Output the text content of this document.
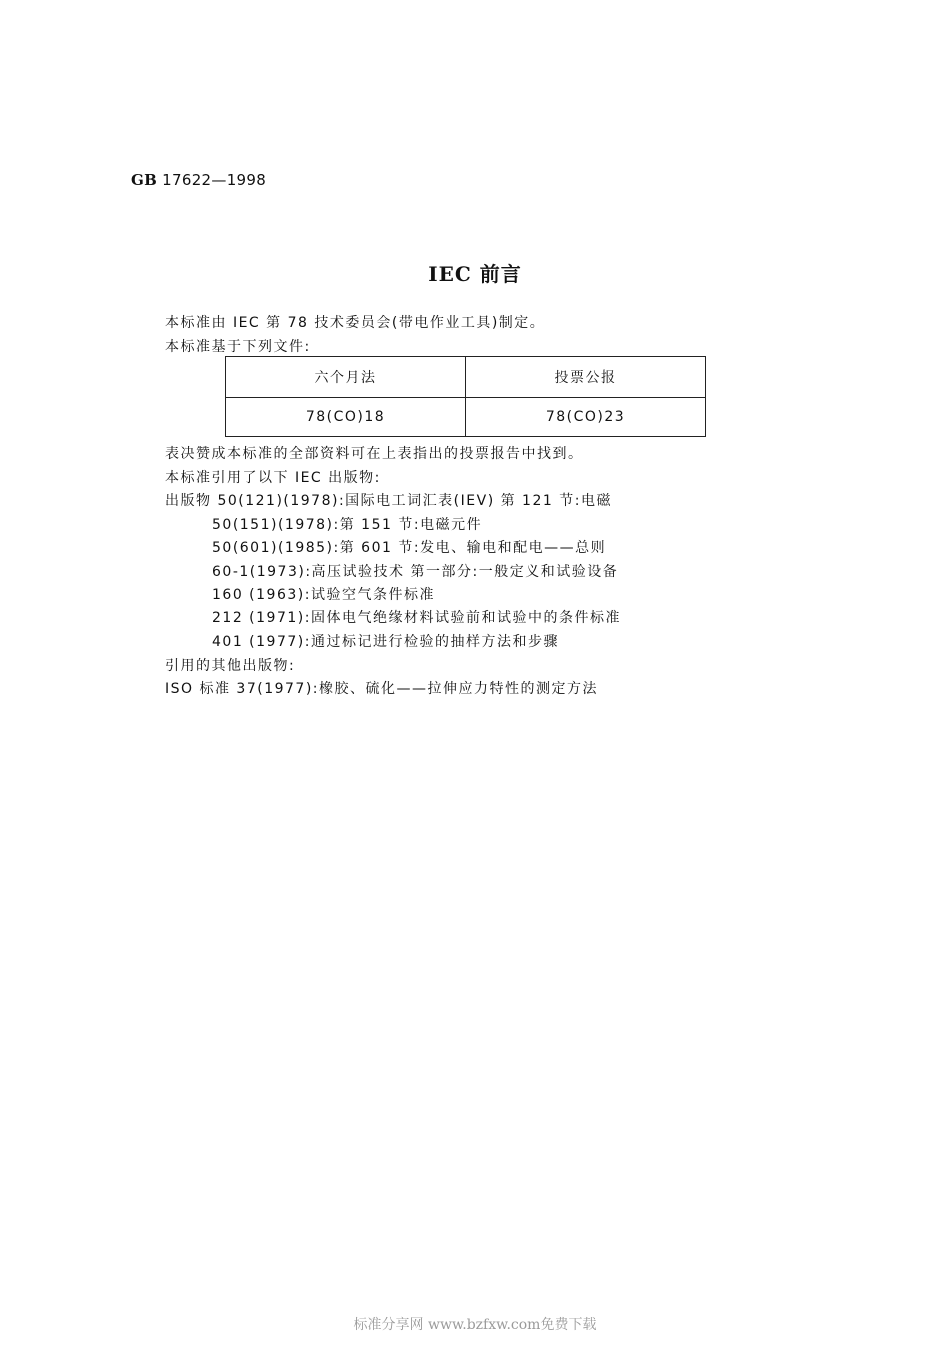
GB 17622—1998
IEC 前言
本标准由 IEC 第 78 技术委员会(带电作业工具)制定。
本标准基于下列文件:
六个月法	投票公报
78(CO)18	78(CO)23
表决赞成本标准的全部资料可在上表指出的投票报告中找到。
本标准引用了以下 IEC 出版物:
出版物 50(121)(1978):国际电工词汇表(IEV) 第 121 节:电磁
50(151)(1978):第 151 节:电磁元件
50(601)(1985):第 601 节:发电、输电和配电——总则
60-1(1973):高压试验技术 第一部分:一般定义和试验设备
160 (1963):试验空气条件标准
212 (1971):固体电气绝缘材料试验前和试验中的条件标准
401 (1977):通过标记进行检验的抽样方法和步骤
引用的其他出版物:
ISO 标准 37(1977):橡胶、硫化——拉伸应力特性的测定方法
标准分享网 www.bzfxw.com免费下载
